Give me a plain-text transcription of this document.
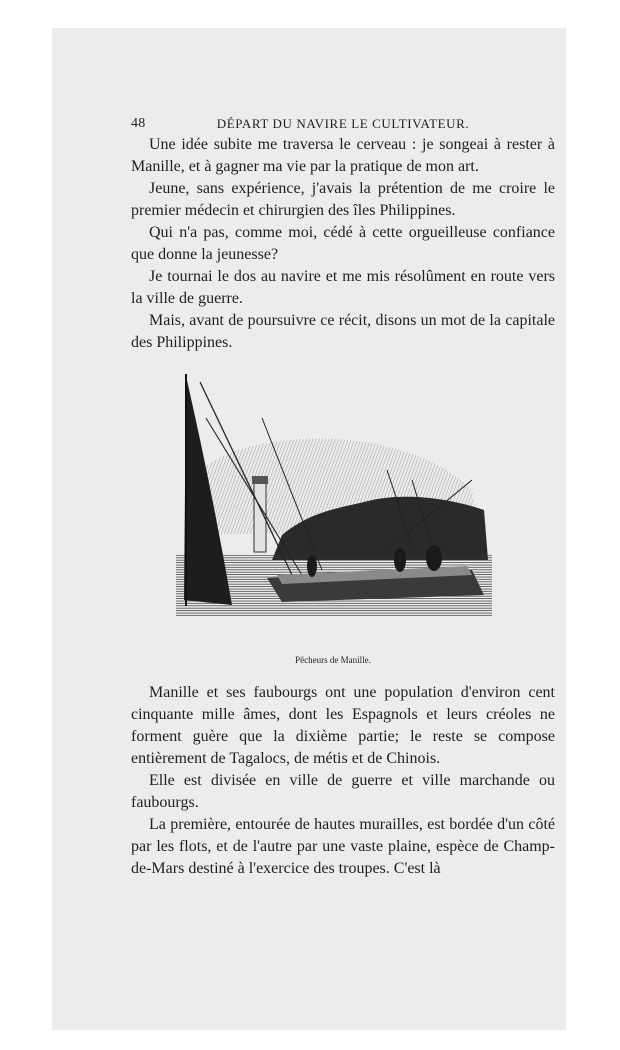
48	DÉPART DU NAVIRE LE CULTIVATEUR.

Une idée subite me traversa le cerveau : je songeai à rester à Manille, et à gagner ma vie par la pratique de mon art.

Jeune, sans expérience, j'avais la prétention de me croire le premier médecin et chirurgien des îles Philippines.

Qui n'a pas, comme moi, cédé à cette orgueilleuse confiance que donne la jeunesse?

Je tournai le dos au navire et me mis résolûment en route vers la ville de guerre.

Mais, avant de poursuivre ce récit, disons un mot de la capitale des Philippines.

Pêcheurs de Manille.

Manille et ses faubourgs ont une population d'environ cent cinquante mille âmes, dont les Espagnols et leurs créoles ne forment guère que la dixième partie; le reste se compose entièrement de Tagalocs, de métis et de Chinois.

Elle est divisée en ville de guerre et ville marchande ou faubourgs.

La première, entourée de hautes murailles, est bordée d'un côté par les flots, et de l'autre par une vaste plaine, espèce de Champ-de-Mars destiné à l'exercice des troupes. C'est là
